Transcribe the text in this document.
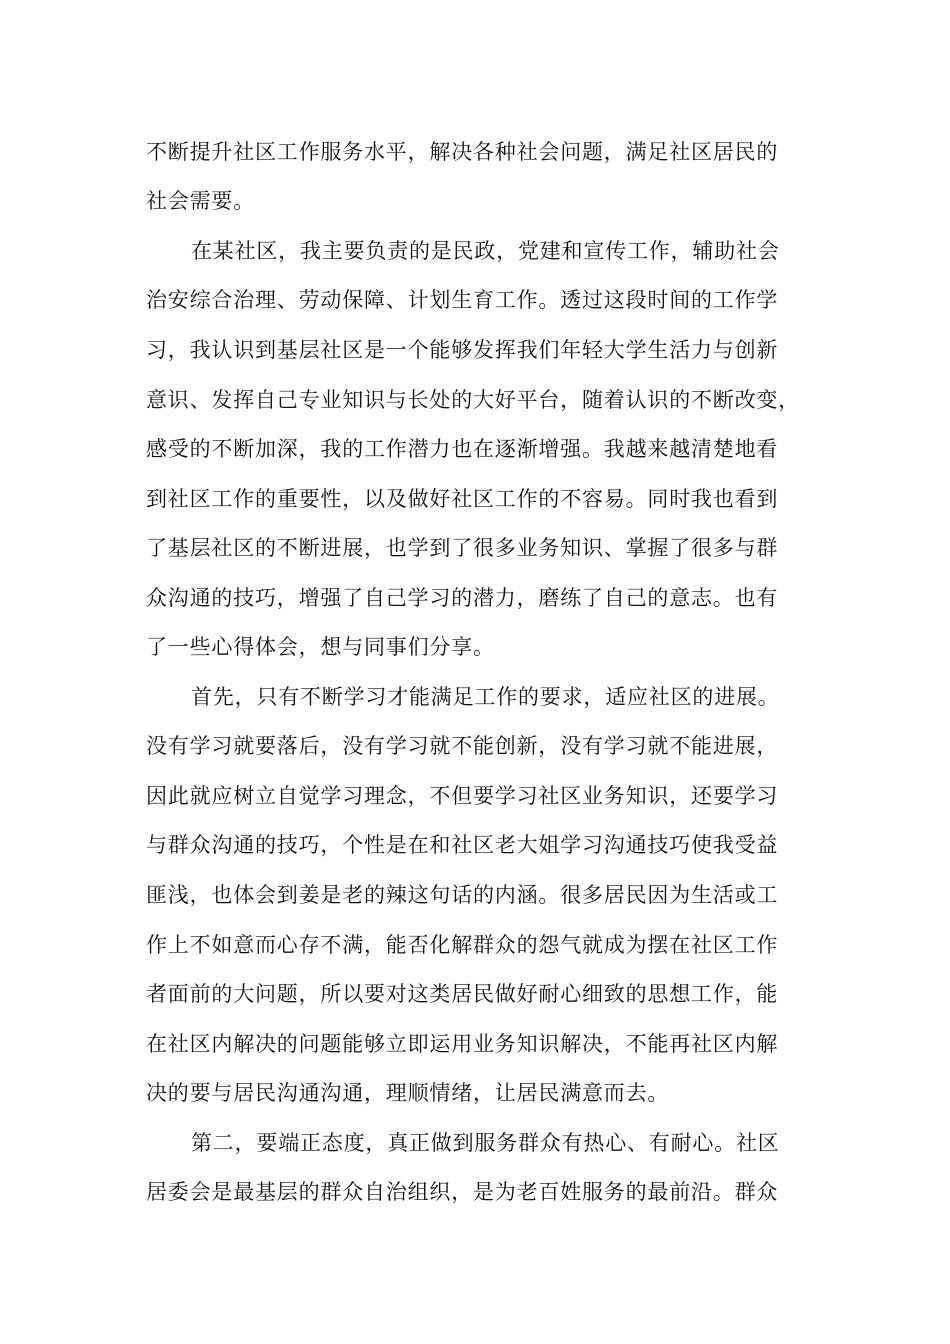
不断提升社区工作服务水平，解决各种社会问题，满足社区居民的
社会需要。
在某社区，我主要负责的是民政，党建和宣传工作，辅助社会
治安综合治理、劳动保障、计划生育工作。透过这段时间的工作学
习，我认识到基层社区是一个能够发挥我们年轻大学生活力与创新
意识、发挥自己专业知识与长处的大好平台，随着认识的不断改变，
感受的不断加深，我的工作潜力也在逐渐增强。我越来越清楚地看
到社区工作的重要性，以及做好社区工作的不容易。同时我也看到
了基层社区的不断进展，也学到了很多业务知识、掌握了很多与群
众沟通的技巧，增强了自己学习的潜力，磨练了自己的意志。也有
了一些心得体会，想与同事们分享。
首先，只有不断学习才能满足工作的要求，适应社区的进展。
没有学习就要落后，没有学习就不能创新，没有学习就不能进展，
因此就应树立自觉学习理念，不但要学习社区业务知识，还要学习
与群众沟通的技巧，个性是在和社区老大姐学习沟通技巧使我受益
匪浅，也体会到姜是老的辣这句话的内涵。很多居民因为生活或工
作上不如意而心存不满，能否化解群众的怨气就成为摆在社区工作
者面前的大问题，所以要对这类居民做好耐心细致的思想工作，能
在社区内解决的问题能够立即运用业务知识解决，不能再社区内解
决的要与居民沟通沟通，理顺情绪，让居民满意而去。
第二，要端正态度，真正做到服务群众有热心、有耐心。社区
居委会是最基层的群众自治组织，是为老百姓服务的最前沿。群众
